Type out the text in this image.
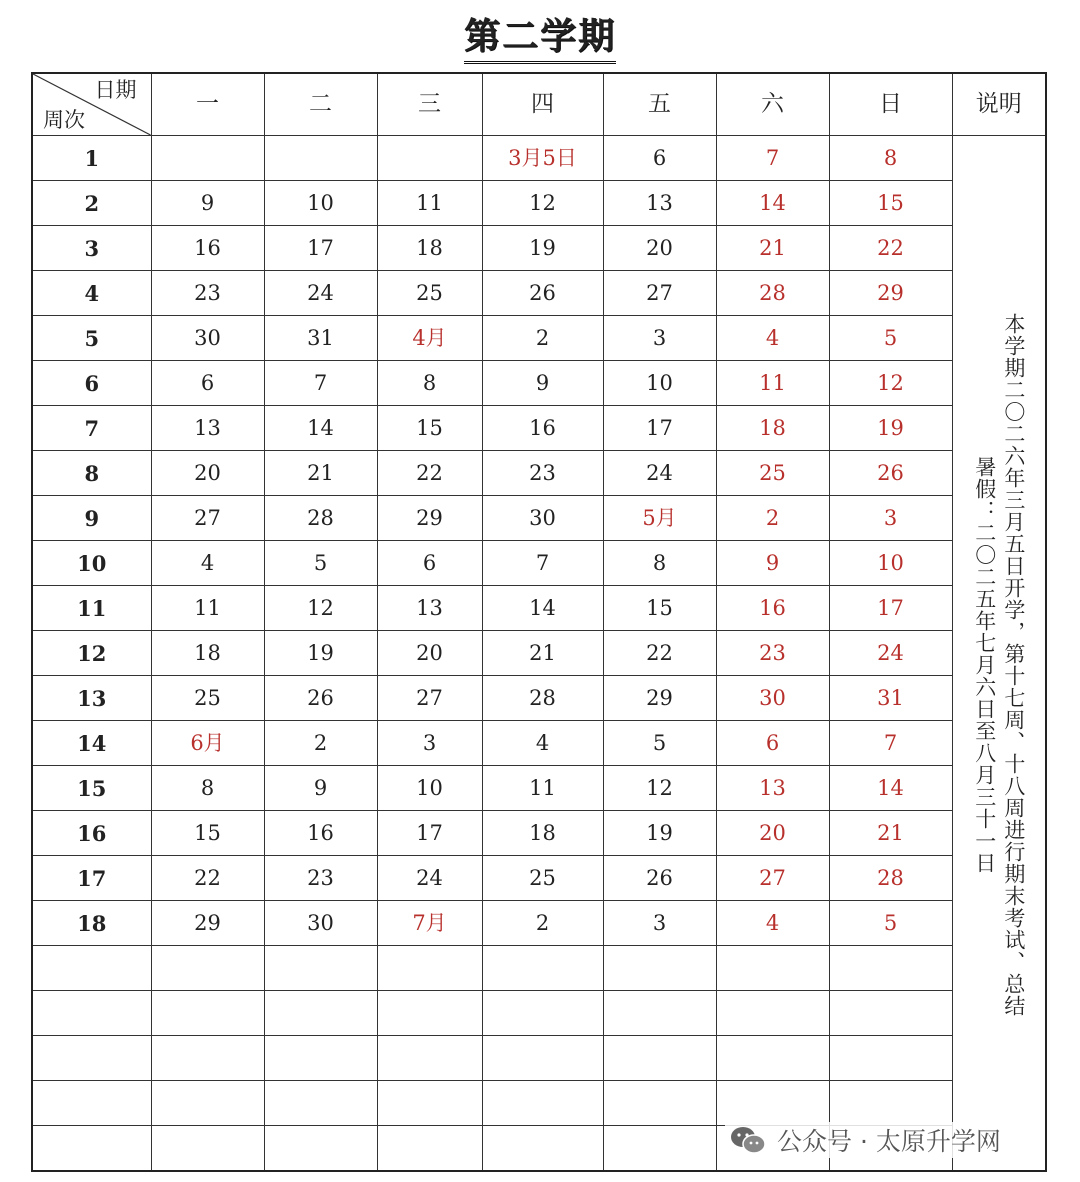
第二学期
日期
周次	一	二	三	四	五	六	日	说明
1				3月5日	6	7	8	本学期二〇二六年三月五日开学，第十七周、十八周进行期末考试、总结
暑假：二〇二五年七月六日至八月三十一日

2	9	10	11	12	13	14	15	
3	16	17	18	19	20	21	22	
4	23	24	25	26	27	28	29	
5	30	31	4月	2	3	4	5	
6	6	7	8	9	10	11	12	
7	13	14	15	16	17	18	19	
8	20	21	22	23	24	25	26	
9	27	28	29	30	5月	2	3	
10	4	5	6	7	8	9	10	
11	11	12	13	14	15	16	17	
12	18	19	20	21	22	23	24	
13	25	26	27	28	29	30	31	
14	6月	2	3	4	5	6	7	
15	8	9	10	11	12	13	14	
16	15	16	17	18	19	20	21	
17	22	23	24	25	26	27	28	
18	29	30	7月	2	3	4	5	

公众号 · 太原升学网
